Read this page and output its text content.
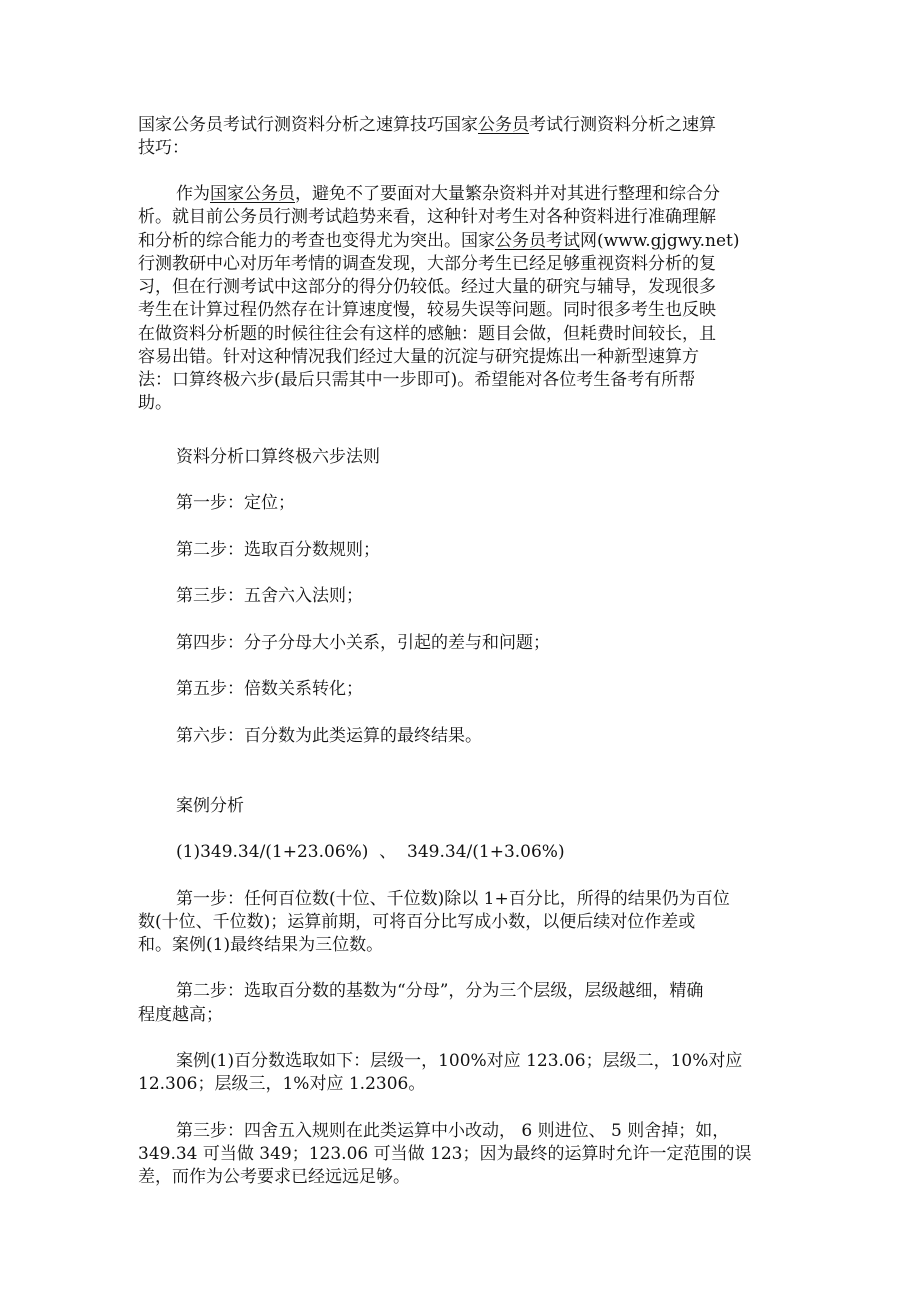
国家公务员考试行测资料分析之速算技巧国家公务员考试行测资料分析之速算
技巧：
作为国家公务员，避免不了要面对大量繁杂资料并对其进行整理和综合分
析。就目前公务员行测考试趋势来看，这种针对考生对各种资料进行准确理解
和分析的综合能力的考查也变得尤为突出。国家公务员考试网(www.gjgwy.net)
行测教研中心对历年考情的调查发现，大部分考生已经足够重视资料分析的复
习，但在行测考试中这部分的得分仍较低。经过大量的研究与辅导，发现很多
考生在计算过程仍然存在计算速度慢，较易失误等问题。同时很多考生也反映
在做资料分析题的时候往往会有这样的感触：题目会做，但耗费时间较长，且
容易出错。针对这种情况我们经过大量的沉淀与研究提炼出一种新型速算方
法：口算终极六步(最后只需其中一步即可)。希望能对各位考生备考有所帮
助。
资料分析口算终极六步法则
第一步：定位；
第二步：选取百分数规则；
第三步：五舍六入法则；
第四步：分子分母大小关系，引起的差与和问题；
第五步：倍数关系转化；
第六步：百分数为此类运算的最终结果。
案例分析
(1)349.34/(1+23.06%)  、  349.34/(1+3.06%)
第一步：任何百位数(十位、千位数)除以 1+百分比，所得的结果仍为百位
数(十位、千位数)；运算前期，可将百分比写成小数，以便后续对位作差或
和。案例(1)最终结果为三位数。
第二步：选取百分数的基数为“分母”，分为三个层级，层级越细，精确
程度越高；
案例(1)百分数选取如下：层级一，100%对应 123.06；层级二，10%对应
12.306；层级三，1%对应 1.2306。
第三步：四舍五入规则在此类运算中小改动， 6 则进位、 5 则舍掉；如，
349.34 可当做 349；123.06 可当做 123；因为最终的运算时允许一定范围的误
差，而作为公考要求已经远远足够。
